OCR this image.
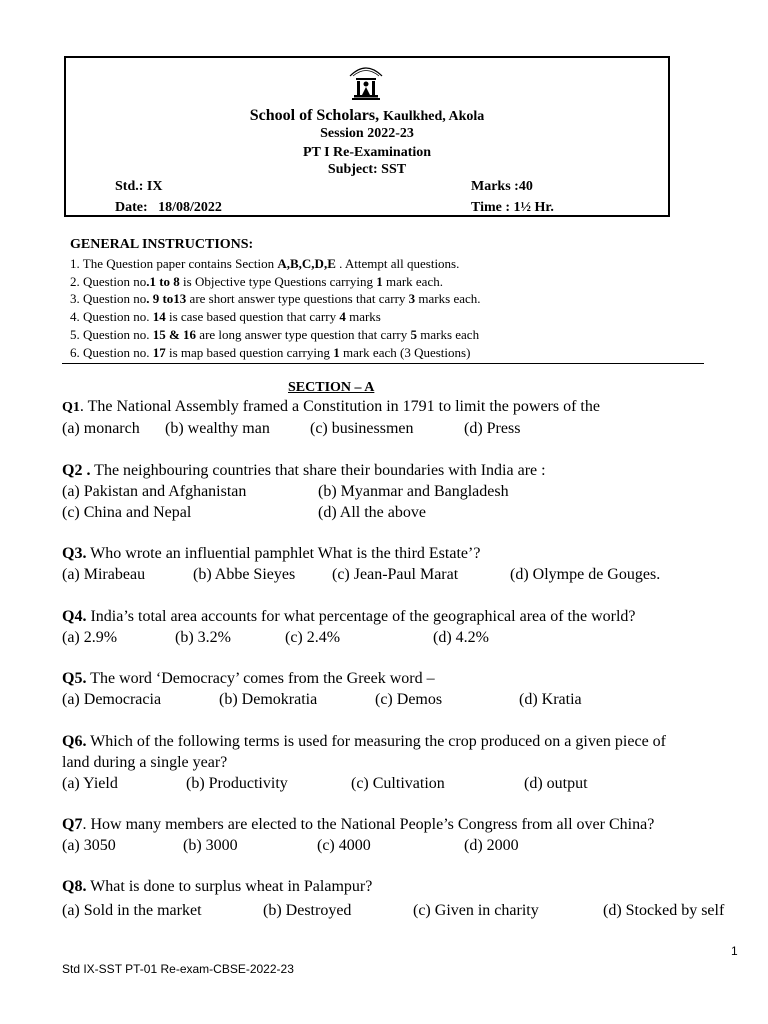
School of Scholars, Kaulkhed, Akola
Session 2022-23
PT I Re-Examination
Subject: SST
Std.: IX	Marks :40
Date:   18/08/2022	Time : 1½ Hr.
GENERAL INSTRUCTIONS:
1. The Question paper contains Section A,B,C,D,E . Attempt all questions.
2. Question no.1 to 8 is Objective type Questions carrying 1 mark each.
3. Question no. 9 to13 are short answer type questions that carry 3 marks each.
4. Question no. 14 is case based question that carry 4 marks
5. Question no. 15 & 16 are long answer type question that carry 5 marks each
6. Question no. 17 is map based question carrying 1 mark each (3 Questions)
SECTION – A
Q1. The National Assembly framed a Constitution in 1791 to limit the powers of the
(a) monarch (b) wealthy man	(c) businessmen	(d) Press
Q2 . The neighbouring countries that share their boundaries with India are :
(a) Pakistan and Afghanistan	(b) Myanmar and Bangladesh
(c) China and Nepal	(d) All the above
Q3. Who wrote an influential pamphlet What is the third Estate’?
(a) Mirabeau	(b) Abbe Sieyes (c) Jean-Paul Marat	(d) Olympe de Gouges.
Q4. India’s total area accounts for what percentage of the geographical area of the world?
(a) 2.9%	(b) 3.2%	(c) 2.4%	(d) 4.2%
Q5. The word ‘Democracy’ comes from the Greek word –
(a) Democracia	(b) Demokratia	(c) Demos	(d) Kratia
Q6. Which of the following terms is used for measuring the crop produced on a given piece of
land during a single year?
(a) Yield	(b) Productivity	(c) Cultivation	(d) output
Q7. How many members are elected to the National People’s Congress from all over China?
(a) 3050	(b) 3000	(c) 4000	(d) 2000
Q8. What is done to surplus wheat in Palampur?
(a) Sold in the market	(b) Destroyed	(c) Given in charity	(d) Stocked by self
1
Std IX-SST PT-01 Re-exam-CBSE-2022-23
